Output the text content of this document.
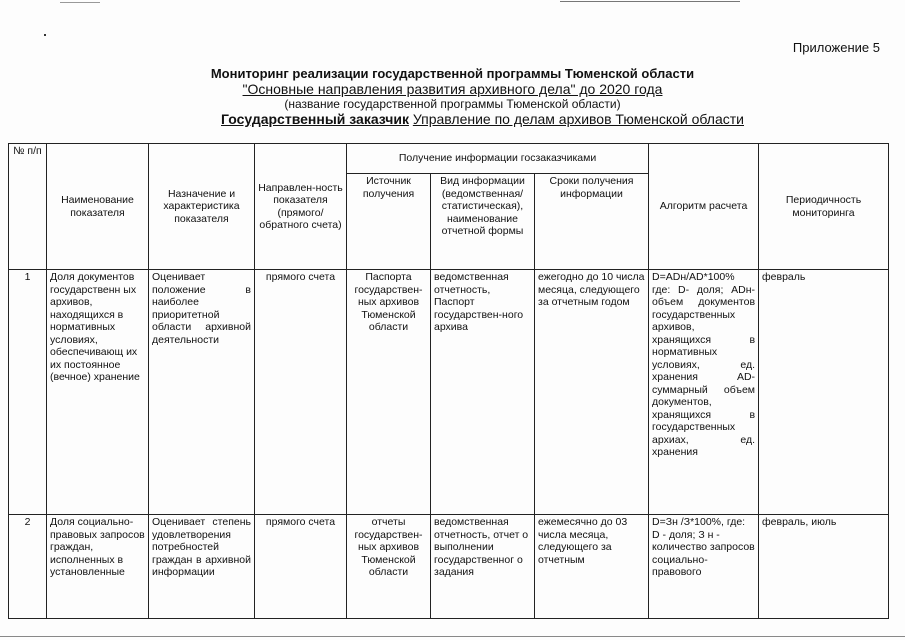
Приложение 5
Мониторинг реализации государственной программы Тюменской области
"Основные направления развития архивного дела" до 2020 года
(название государственной программы Тюменской области)
Государственный заказчик Управление по делам архивов Тюменской области
№ п/п	Наименование показателя	Назначение и характеристика показателя	Направлен-ность показателя (прямого/ обратного счета)	Получение информации госзаказчиками			Алгоритм расчета	Периодичность мониторинга
				Источник получения	Вид информации (ведомственная/ статистическая), наименование отчетной формы	Сроки получения информации		
1	Доля документов государственн ых архивов, находящихся в нормативных условиях, обеспечивающ их их постоянное (вечное) хранение	Оценивает положение в наиболее приоритетной области архивной деятельности	прямого счета	Паспорта государствен-ных архивов Тюменской области	ведомственная отчетность, Паспорт государствен-ного архива	ежегодно до 10 числа месяца, следующего за отчетным годом	D=ADн/AD*100% где: D- доля; ADн- объем документов государственных архивов, хранящихся в нормативных условиях, ед. хранения AD-суммарный объем документов, хранящихся в государственных архиах, ед. хранения	февраль
2	Доля социально-правовых запросов граждан, исполненных в установленные	Оценивает степень удовлетворения потребностей граждан в архивной информации	прямого счета	отчеты государствен-ных архивов Тюменской области	ведомственная отчетность, отчет о выполнении государственног о задания	ежемесячно до 03 числа месяца, следующего за отчетным	D=Зн /З*100%, где: D - доля; З н - количество запросов социально-правового	февраль, июль
